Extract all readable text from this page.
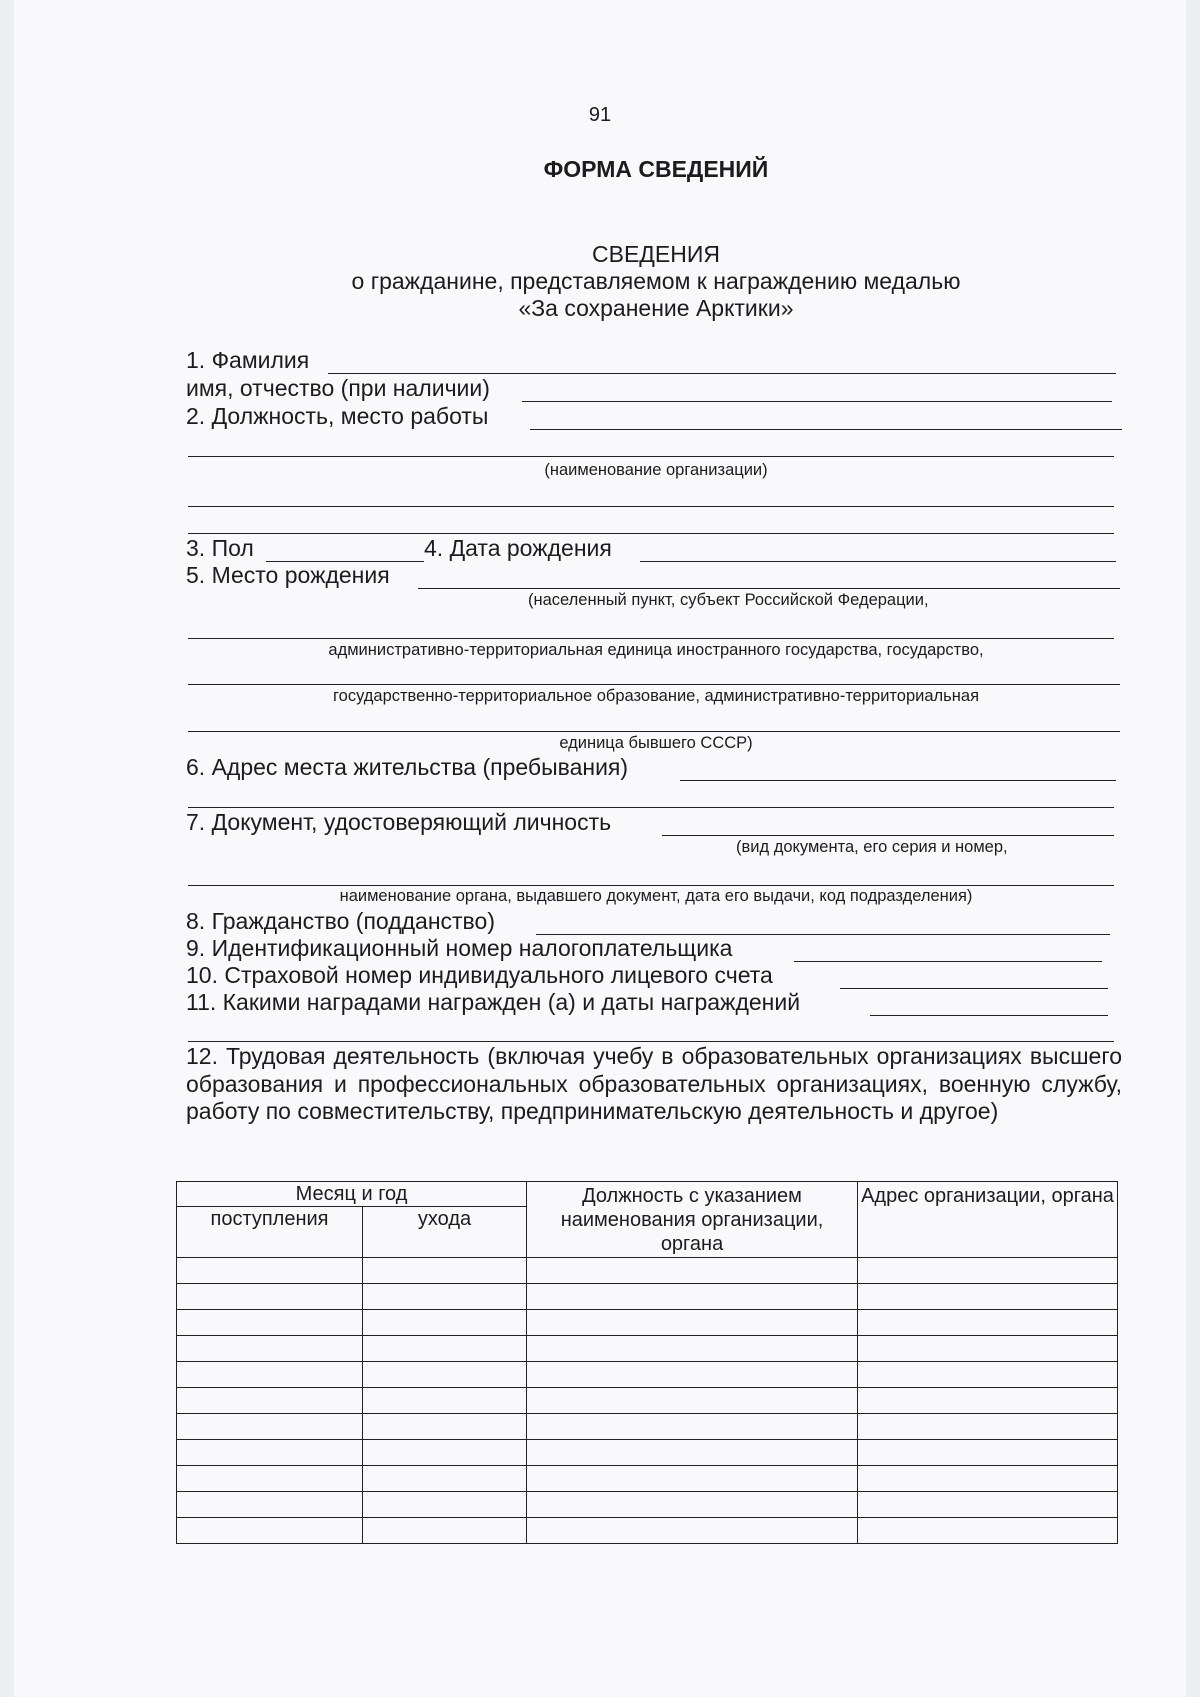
91
ФОРМА СВЕДЕНИЙ
СВЕДЕНИЯ
о гражданине, представляемом к награждению медалью
«За сохранение Арктики»
1. Фамилия
имя, отчество (при наличии)
2. Должность, место работы
(наименование организации)
3. Пол	4. Дата рождения
5. Место рождения
(населенный пункт, субъект Российской Федерации,
административно-территориальная единица иностранного государства, государство,
государственно-территориальное образование, административно-территориальная
единица бывшего СССР)
6. Адрес места жительства (пребывания)
7. Документ, удостоверяющий личность
(вид документа, его серия и номер,
наименование органа, выдавшего документ, дата его выдачи, код подразделения)
8. Гражданство (подданство)
9. Идентификационный номер налогоплательщика
10. Страховой номер индивидуального лицевого счета
11. Какими наградами награжден (а) и даты награждений

12. Трудовая деятельность (включая учебу в образовательных организациях высшего образования и профессиональных образовательных организациях, военную службу, работу по совместительству, предпринимательскую деятельность и другое)

Месяц и год		Должность с указанием наименования организации, органа	Адрес организации, органа
поступления	ухода		
